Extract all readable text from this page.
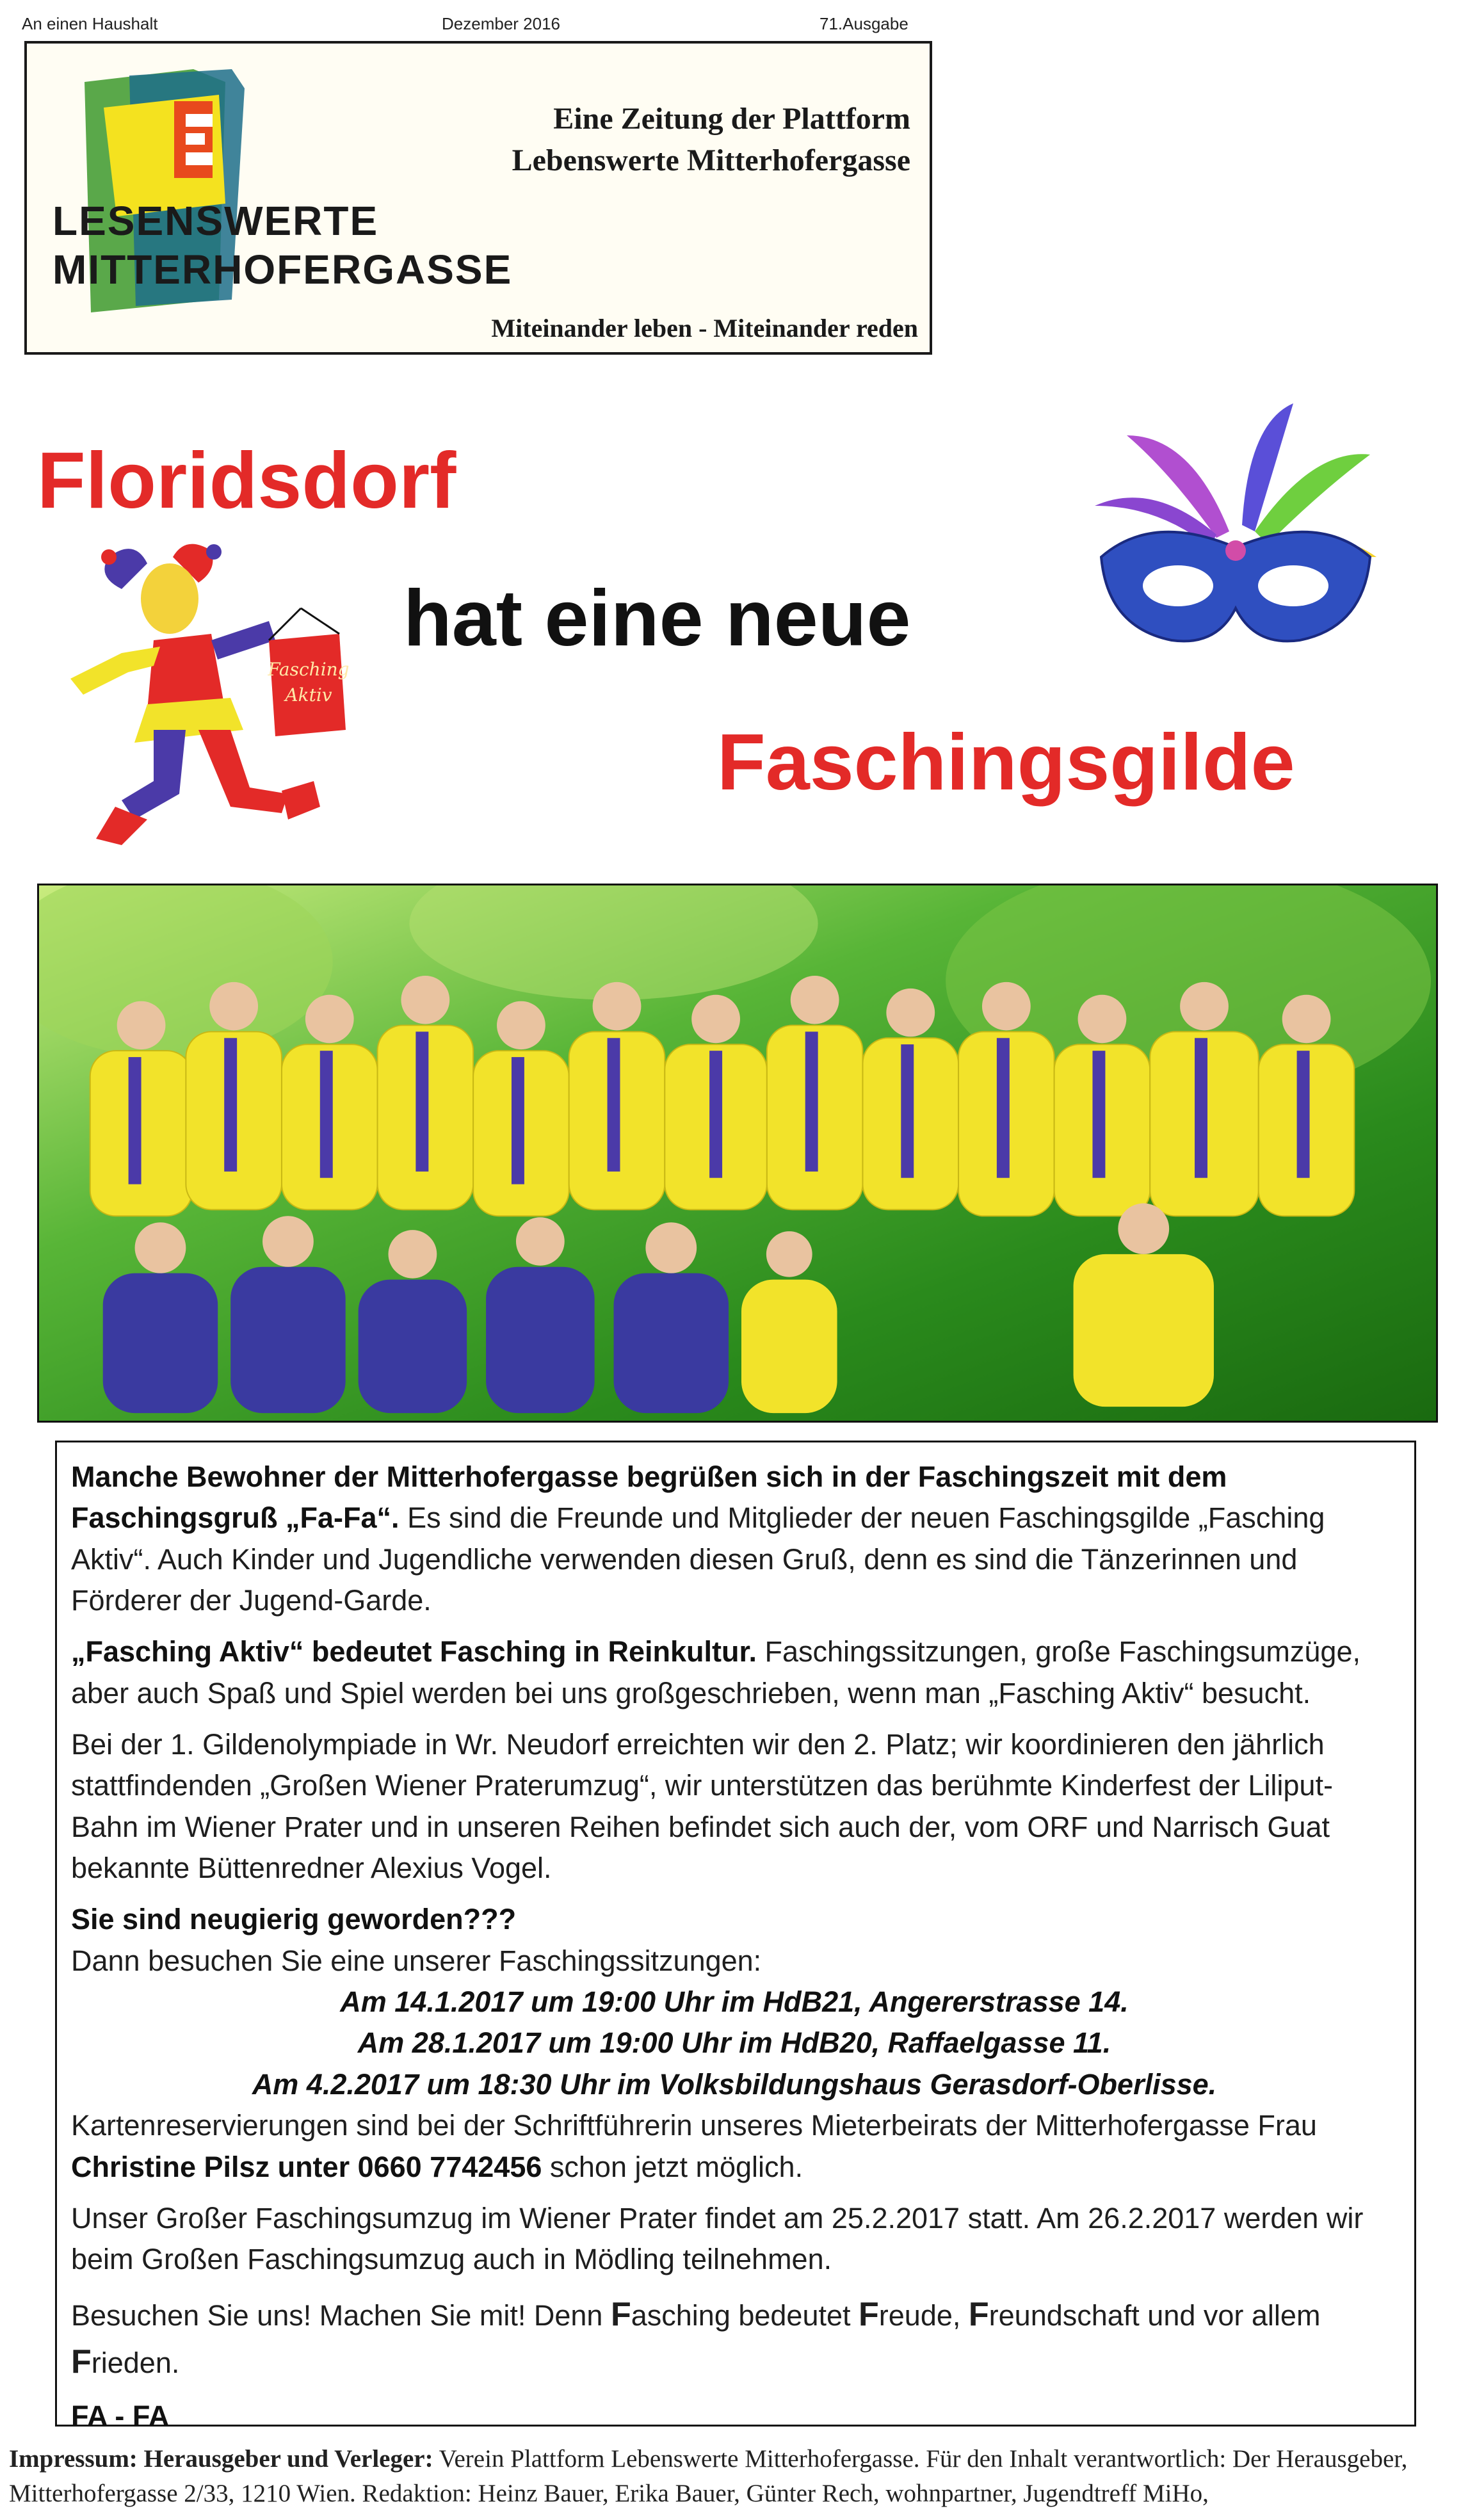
An einen Haushalt	Dezember 2016	71.Ausgabe
LESENSWERTE
MITTERHOFERGASSE
Eine Zeitung der Plattform
Lebenswerte Mitterhofergasse
Miteinander leben - Miteinander reden
Floridsdorf
hat eine neue
Faschingsgilde
Fasching
Aktiv

Manche Bewohner der Mitterhofergasse begrüßen sich in der Faschingszeit mit dem Faschingsgruß „Fa-Fa“. Es sind die Freunde und Mitglieder der neuen Faschingsgilde „Fasching Aktiv“. Auch Kinder und Jugendliche verwenden diesen Gruß, denn es sind die Tänzerinnen und Förderer der Jugend-Garde.

„Fasching Aktiv“ bedeutet Fasching in Reinkultur. Faschingssitzungen, große Faschingsumzüge, aber auch Spaß und Spiel werden bei uns großgeschrieben, wenn man „Fasching Aktiv“ besucht.

Bei der 1. Gildenolympiade in Wr. Neudorf erreichten wir den 2. Platz; wir koordinieren den jährlich stattfindenden „Großen Wiener Praterumzug“, wir unterstützen das berühmte Kinderfest der Liliput-Bahn im Wiener Prater und in unseren Reihen befindet sich auch der, vom ORF und Narrisch Guat bekannte Büttenredner Alexius Vogel.

Sie sind neugierig geworden???
Dann besuchen Sie eine unserer Faschingssitzungen:
Am 14.1.2017 um 19:00 Uhr im HdB21, Angererstrasse 14.
Am 28.1.2017 um 19:00 Uhr im HdB20, Raffaelgasse 11.
Am 4.2.2017 um 18:30 Uhr im Volksbildungshaus Gerasdorf-Oberlisse.

Kartenreservierungen sind bei der Schriftführerin unseres Mieterbeirats der Mitterhofergasse Frau Christine Pilsz unter 0660 7742456 schon jetzt möglich.

Unser Großer Faschingsumzug im Wiener Prater findet am 25.2.2017 statt. Am 26.2.2017 werden wir beim Großen Faschingsumzug auch in Mödling teilnehmen.

Besuchen Sie uns! Machen Sie mit! Denn Fasching bedeutet Freude, Freundschaft und vor allem Frieden.

FA - FA
Impressum: Herausgeber und Verleger: Verein Plattform Lebenswerte Mitterhofergasse. Für den Inhalt verantwortlich: Der Herausgeber, Mitterhofergasse 2/33, 1210 Wien. Redaktion: Heinz Bauer, Erika Bauer, Günter Rech, wohnpartner, Jugendtreff MiHo,
